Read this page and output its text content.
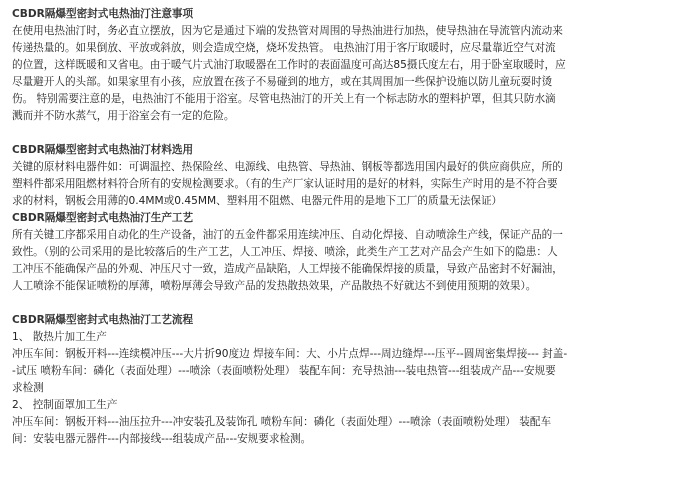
CBDR隔爆型密封式电热油汀注意事项
在使用电热油汀时，务必直立摆放，因为它是通过下端的发热管对周围的导热油进行加热，使导热油在导流管内流动来
传递热量的。如果倒放、平放或斜放，则会造成空烧，烧坏发热管。 电热油汀用于客厅取暖时，应尽量靠近空气对流
的位置，这样既暖和又省电。由于暖气片式油汀取暖器在工作时的表面温度可高达85摄氏度左右，用于卧室取暖时，应
尽量避开人的头部。如果家里有小孩，应放置在孩子不易碰到的地方，或在其周围加一些保护设施以防儿童玩耍时烫
伤。 特别需要注意的是，电热油汀不能用于浴室。尽管电热油汀的开关上有一个标志防水的塑料护罩，但其只防水滴
溅而并不防水蒸气，用于浴室会有一定的危险。
CBDR隔爆型密封式电热油汀材料选用
关键的原材料电器件如：可调温控、热保险丝、电源线、电热管、导热油、钢板等都选用国内最好的供应商供应，所的
塑料件都采用阻燃材料符合所有的安规检测要求。（有的生产厂家认证时用的是好的材料，实际生产时用的是不符合要
求的材料，钢板会用薄的0.4MM或0.45MM、塑料用不阻燃、电器元件用的是地下工厂的质量无法保证）
CBDR隔爆型密封式电热油汀生产工艺
所有关键工序都采用自动化的生产设备，油汀的五金件都采用连续冲压、自动化焊接、自动喷涂生产线，保证产品的一
致性。（别的公司采用的是比较落后的生产工艺，人工冲压、焊接、喷涂，此类生产工艺对产品会产生如下的隐患：人
工冲压不能确保产品的外观、冲压尺寸一致，造成产品缺陷，人工焊接不能确保焊接的质量，导致产品密封不好漏油，
人工喷涂不能保证喷粉的厚薄，喷粉厚薄会导致产品的发热散热效果，产品散热不好就达不到使用预期的效果）。
CBDR隔爆型密封式电热油汀工艺流程
1、 散热片加工生产
冲压车间：钢板开料---连续模冲压---大片折90度边 焊接车间：大、小片点焊---周边缝焊---压平--圆周密集焊接--- 封盖-
-试压 喷粉车间：磷化（表面处理）---喷涂（表面喷粉处理） 装配车间：充导热油---装电热管---组装成产品---安规要
求检测
2、 控制面罩加工生产
冲压车间：钢板开料---油压拉升---冲安装孔及装饰孔 喷粉车间：磷化（表面处理）---喷涂（表面喷粉处理） 装配车
间：安装电器元器件---内部接线---组装成产品---安规要求检测。
